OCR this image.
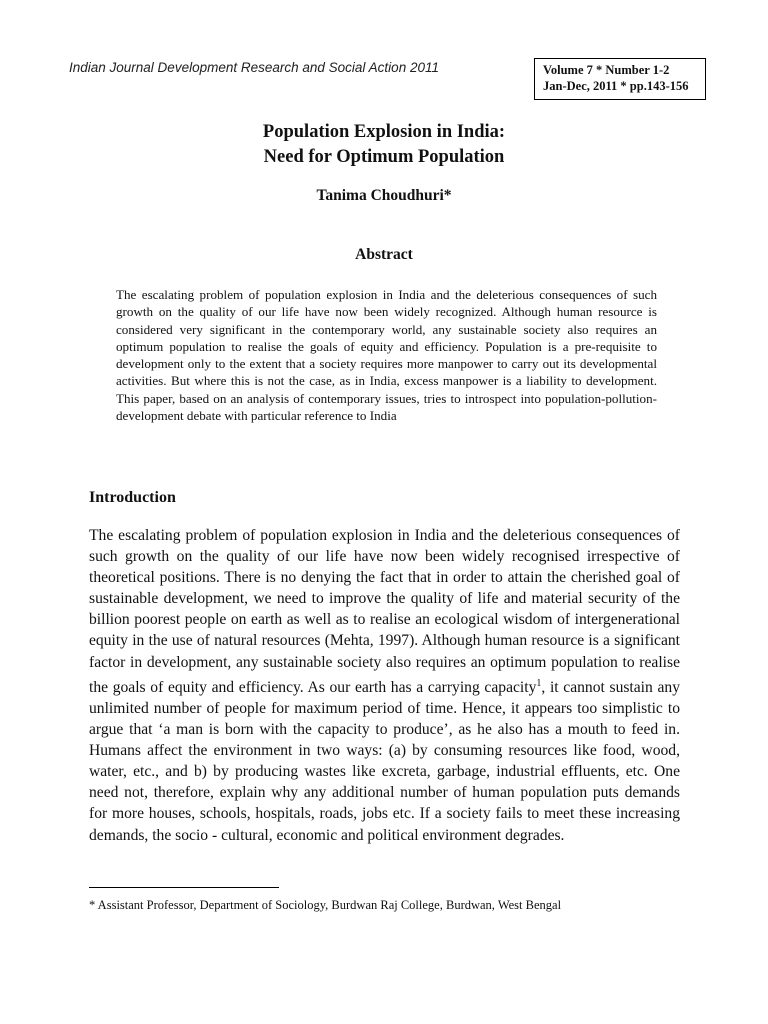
Indian Journal Development Research and Social Action 2011	Volume 7 * Number 1-2
Jan-Dec, 2011 * pp.143-156
Population Explosion in India:
Need for Optimum Population
Tanima Choudhuri*
Abstract
The escalating problem of population explosion in India and the deleterious consequences of such growth on the quality of our life have now been widely recognized. Although human resource is considered very significant in the contemporary world, any sustainable society also requires an optimum population to realise the goals of equity and efficiency. Population is a pre-requisite to development only to the extent that a society requires more manpower to carry out its developmental activities. But where this is not the case, as in India, excess manpower is a liability to development. This paper, based on an analysis of contemporary issues, tries to introspect into population-pollution-development debate with particular reference to India
Introduction
The escalating problem of population explosion in India and the deleterious consequences of such growth on the quality of our life have now been widely recognised irrespective of theoretical positions. There is no denying the fact that in order to attain the cherished goal of sustainable development, we need to improve the quality of life and material security of the billion poorest people on earth as well as to realise an ecological wisdom of intergenerational equity in the use of natural resources (Mehta, 1997). Although human resource is a significant factor in development, any sustainable society also requires an optimum population to realise the goals of equity and efficiency. As our earth has a carrying capacity$^1$, it cannot sustain any unlimited number of people for maximum period of time. Hence, it appears too simplistic to argue that ‘a man is born with the capacity to produce’, as he also has a mouth to feed in. Humans affect the environment in two ways: (a) by consuming resources like food, wood, water, etc., and b) by producing wastes like excreta, garbage, industrial effluents, etc. One need not, therefore, explain why any additional number of human population puts demands for more houses, schools, hospitals, roads, jobs etc. If a society fails to meet these increasing demands, the socio - cultural, economic and political environment degrades.
* Assistant Professor, Department of Sociology, Burdwan Raj College, Burdwan, West Bengal
